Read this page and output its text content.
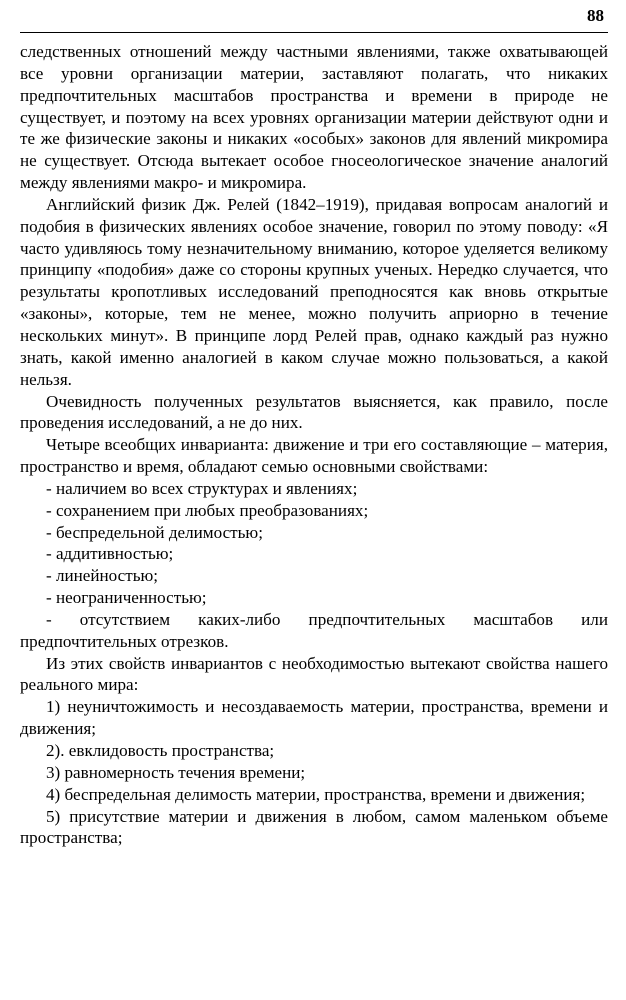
88

следственных отношений между частными явлениями, также охватывающей все уровни организации материи, заставляют полагать, что никаких предпочтительных масштабов пространства и времени в природе не существует, и поэтому на всех уровнях организации материи действуют одни и те же физические законы и никаких «особых» законов для явлений микромира не существует. Отсюда вытекает особое гносеологическое значение аналогий между явлениями макро- и микромира.

Английский физик Дж. Релей (1842–1919), придавая вопросам аналогий и подобия в физических явлениях особое значение, говорил по этому поводу: «Я часто удивляюсь тому незначительному вниманию, которое уделяется великому принципу «подобия» даже со стороны крупных ученых. Нередко случается, что результаты кропотливых исследований преподносятся как вновь открытые «законы», которые, тем не менее, можно получить априорно в течение нескольких минут». В принципе лорд Релей прав, однако каждый раз нужно знать, какой именно аналогией в каком случае можно пользоваться, а какой нельзя.

Очевидность полученных результатов выясняется, как правило, после проведения исследований, а не до них.

Четыре всеобщих инварианта: движение и три его составляющие – материя, пространство и время, обладают семью основными свойствами:

- наличием во всех структурах и явлениях;

- сохранением при любых преобразованиях;

- беспредельной делимостью;

- аддитивностью;

- линейностью;

- неограниченностью;

- отсутствием каких-либо предпочтительных масштабов или предпочтительных отрезков.

Из этих свойств инвариантов с необходимостью вытекают свойства нашего реального мира:

1) неуничтожимость и несоздаваемость материи, пространства, времени и движения;

2). евклидовость пространства;

3) равномерность течения времени;

4) беспредельная делимость материи, пространства, времени и движения;

5) присутствие материи и движения в любом, самом маленьком объеме пространства;
